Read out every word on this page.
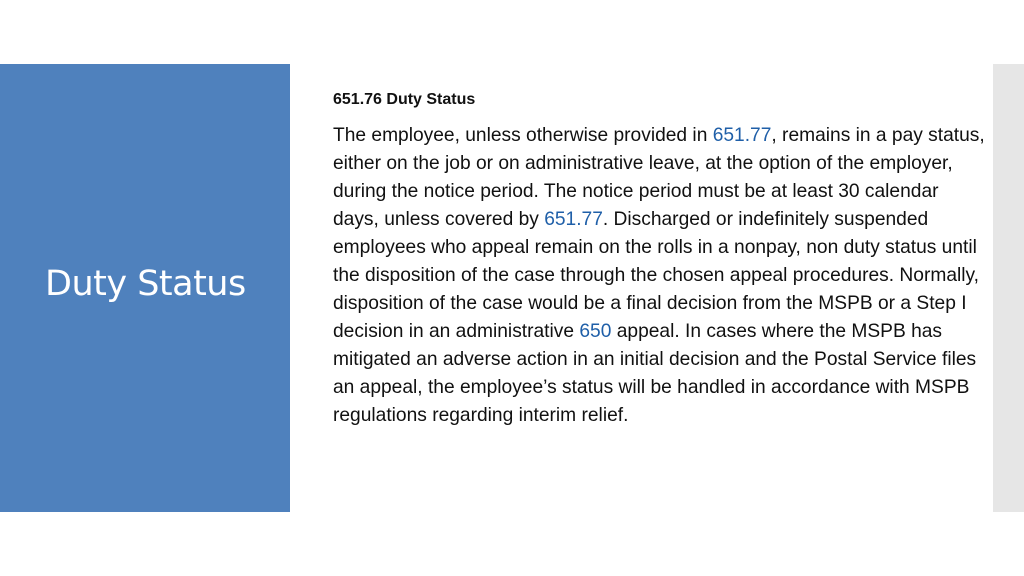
Duty Status
651.76 Duty Status
The employee, unless otherwise provided in 651.77, remains in a pay status, either on the job or on administrative leave, at the option of the employer, during the notice period. The notice period must be at least 30 calendar days, unless covered by 651.77. Discharged or indefinitely suspended employees who appeal remain on the rolls in a nonpay, non duty status until the disposition of the case through the chosen appeal procedures. Normally, disposition of the case would be a final decision from the MSPB or a Step I decision in an administrative 650 appeal. In cases where the MSPB has mitigated an adverse action in an initial decision and the Postal Service files an appeal, the employee’s status will be handled in accordance with MSPB regulations regarding interim relief.
